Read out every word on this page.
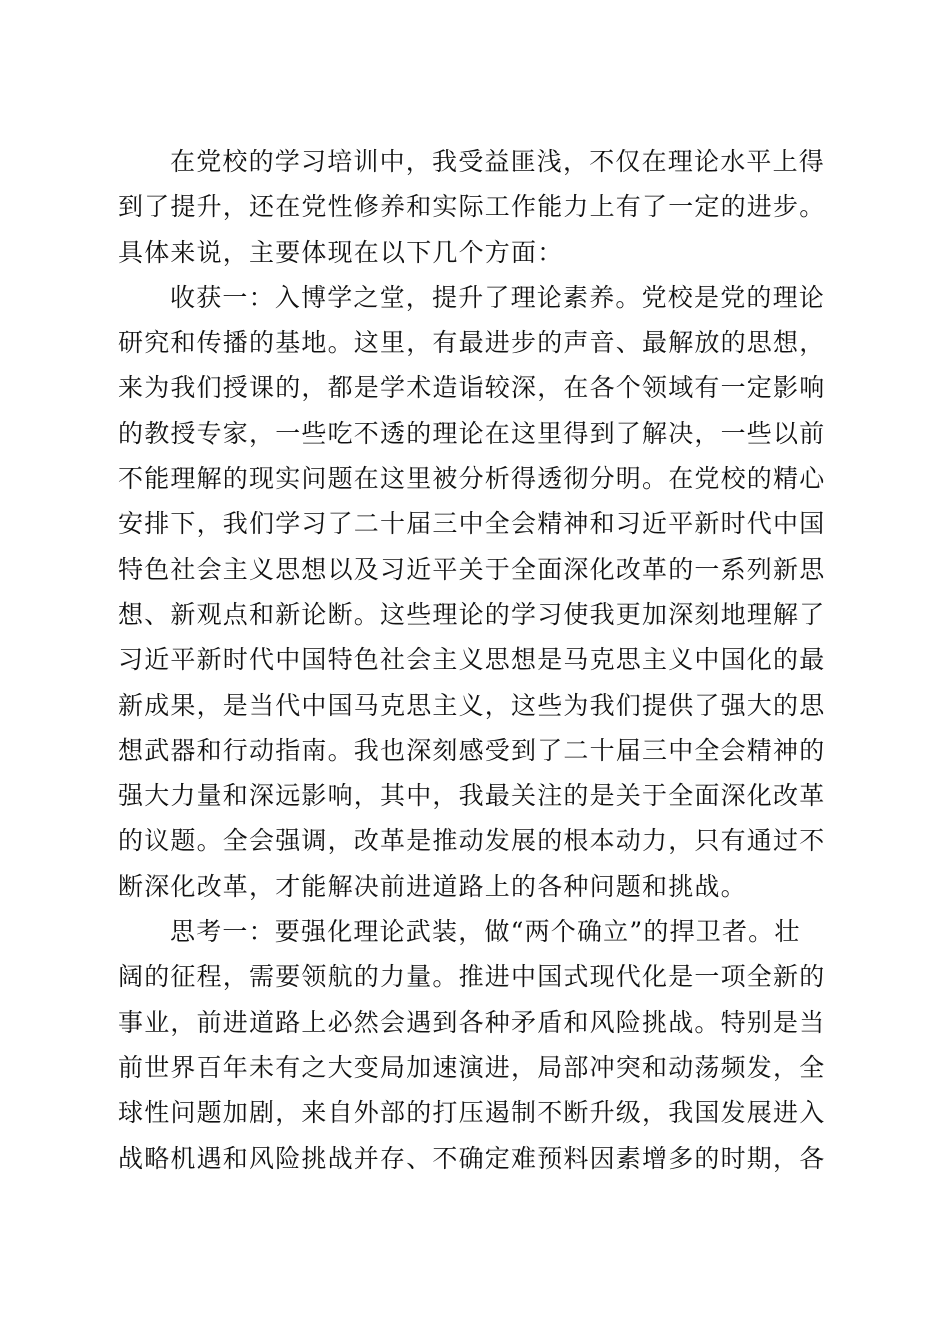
在党校的学习培训中，我受益匪浅，不仅在理论水平上得
到了提升，还在党性修养和实际工作能力上有了一定的进步。
具体来说，主要体现在以下几个方面：
收获一：入博学之堂，提升了理论素养。党校是党的理论
研究和传播的基地。这里，有最进步的声音、最解放的思想，
来为我们授课的，都是学术造诣较深，在各个领域有一定影响
的教授专家，一些吃不透的理论在这里得到了解决，一些以前
不能理解的现实问题在这里被分析得透彻分明。在党校的精心
安排下，我们学习了二十届三中全会精神和习近平新时代中国
特色社会主义思想以及习近平关于全面深化改革的一系列新思
想、新观点和新论断。这些理论的学习使我更加深刻地理解了
习近平新时代中国特色社会主义思想是马克思主义中国化的最
新成果，是当代中国马克思主义，这些为我们提供了强大的思
想武器和行动指南。我也深刻感受到了二十届三中全会精神的
强大力量和深远影响，其中，我最关注的是关于全面深化改革
的议题。全会强调，改革是推动发展的根本动力，只有通过不
断深化改革，才能解决前进道路上的各种问题和挑战。
思考一：要强化理论武装，做“两个确立”的捍卫者。壮
阔的征程，需要领航的力量。推进中国式现代化是一项全新的
事业，前进道路上必然会遇到各种矛盾和风险挑战。特别是当
前世界百年未有之大变局加速演进，局部冲突和动荡频发，全
球性问题加剧，来自外部的打压遏制不断升级，我国发展进入
战略机遇和风险挑战并存、不确定难预料因素增多的时期，各
